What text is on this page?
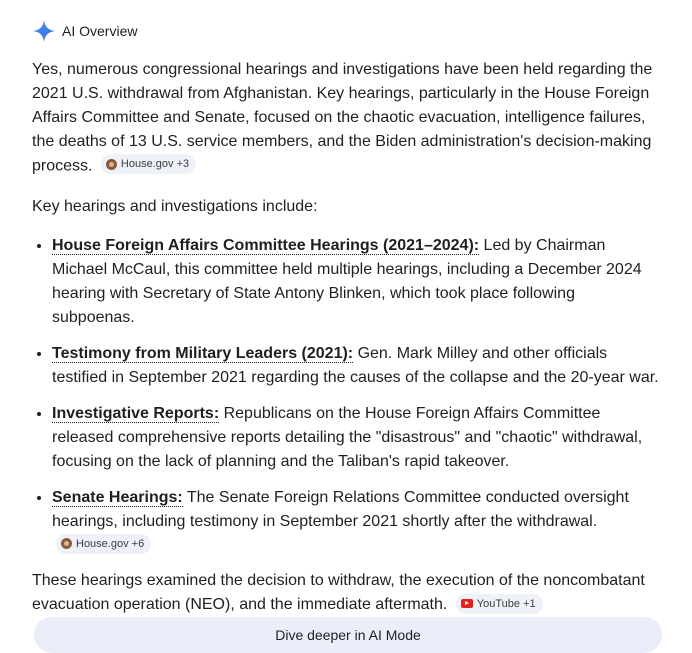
AI Overview

Yes, numerous congressional hearings and investigations have been held regarding the 2021 U.S. withdrawal from Afghanistan. Key hearings, particularly in the House Foreign Affairs Committee and Senate, focused on the chaotic evacuation, intelligence failures, the deaths of 13 U.S. service members, and the Biden administration's decision-making process.	House.gov +3

Key hearings and investigations include:

• House Foreign Affairs Committee Hearings (2021–2024): Led by Chairman Michael McCaul, this committee held multiple hearings, including a December 2024 hearing with Secretary of State Antony Blinken, which took place following subpoenas.
• Testimony from Military Leaders (2021): Gen. Mark Milley and other officials testified in September 2021 regarding the causes of the collapse and the 20-year war.
• Investigative Reports: Republicans on the House Foreign Affairs Committee released comprehensive reports detailing the "disastrous" and "chaotic" withdrawal, focusing on the lack of planning and the Taliban's rapid takeover.
• Senate Hearings: The Senate Foreign Relations Committee conducted oversight hearings, including testimony in September 2021 shortly after the withdrawal.
House.gov +6

These hearings examined the decision to withdraw, the execution of the noncombatant evacuation operation (NEO), and the immediate aftermath.	YouTube +1

Dive deeper in AI Mode
